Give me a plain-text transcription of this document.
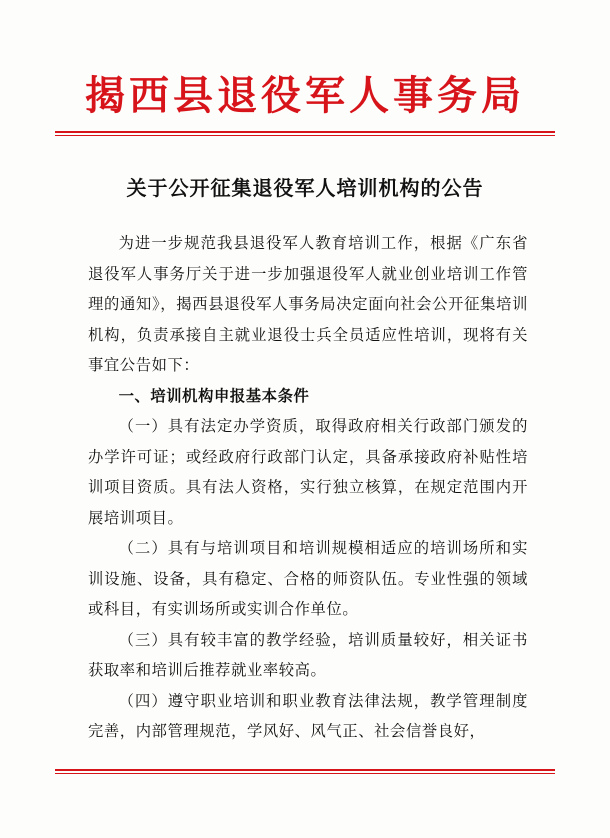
揭西县退役军人事务局
关于公开征集退役军人培训机构的公告

为进一步规范我县退役军人教育培训工作，根据《广东省退役军人事务厅关于进一步加强退役军人就业创业培训工作管理的通知》，揭西县退役军人事务局决定面向社会公开征集培训机构，负责承接自主就业退役士兵全员适应性培训，现将有关事宜公告如下：

一、培训机构申报基本条件

（一）具有法定办学资质，取得政府相关行政部门颁发的办学许可证；或经政府行政部门认定，具备承接政府补贴性培训项目资质。具有法人资格，实行独立核算，在规定范围内开展培训项目。

（二）具有与培训项目和培训规模相适应的培训场所和实训设施、设备，具有稳定、合格的师资队伍。专业性强的领域或科目，有实训场所或实训合作单位。

（三）具有较丰富的教学经验，培训质量较好，相关证书获取率和培训后推荐就业率较高。

（四）遵守职业培训和职业教育法律法规，教学管理制度完善，内部管理规范，学风好、风气正、社会信誉良好，
